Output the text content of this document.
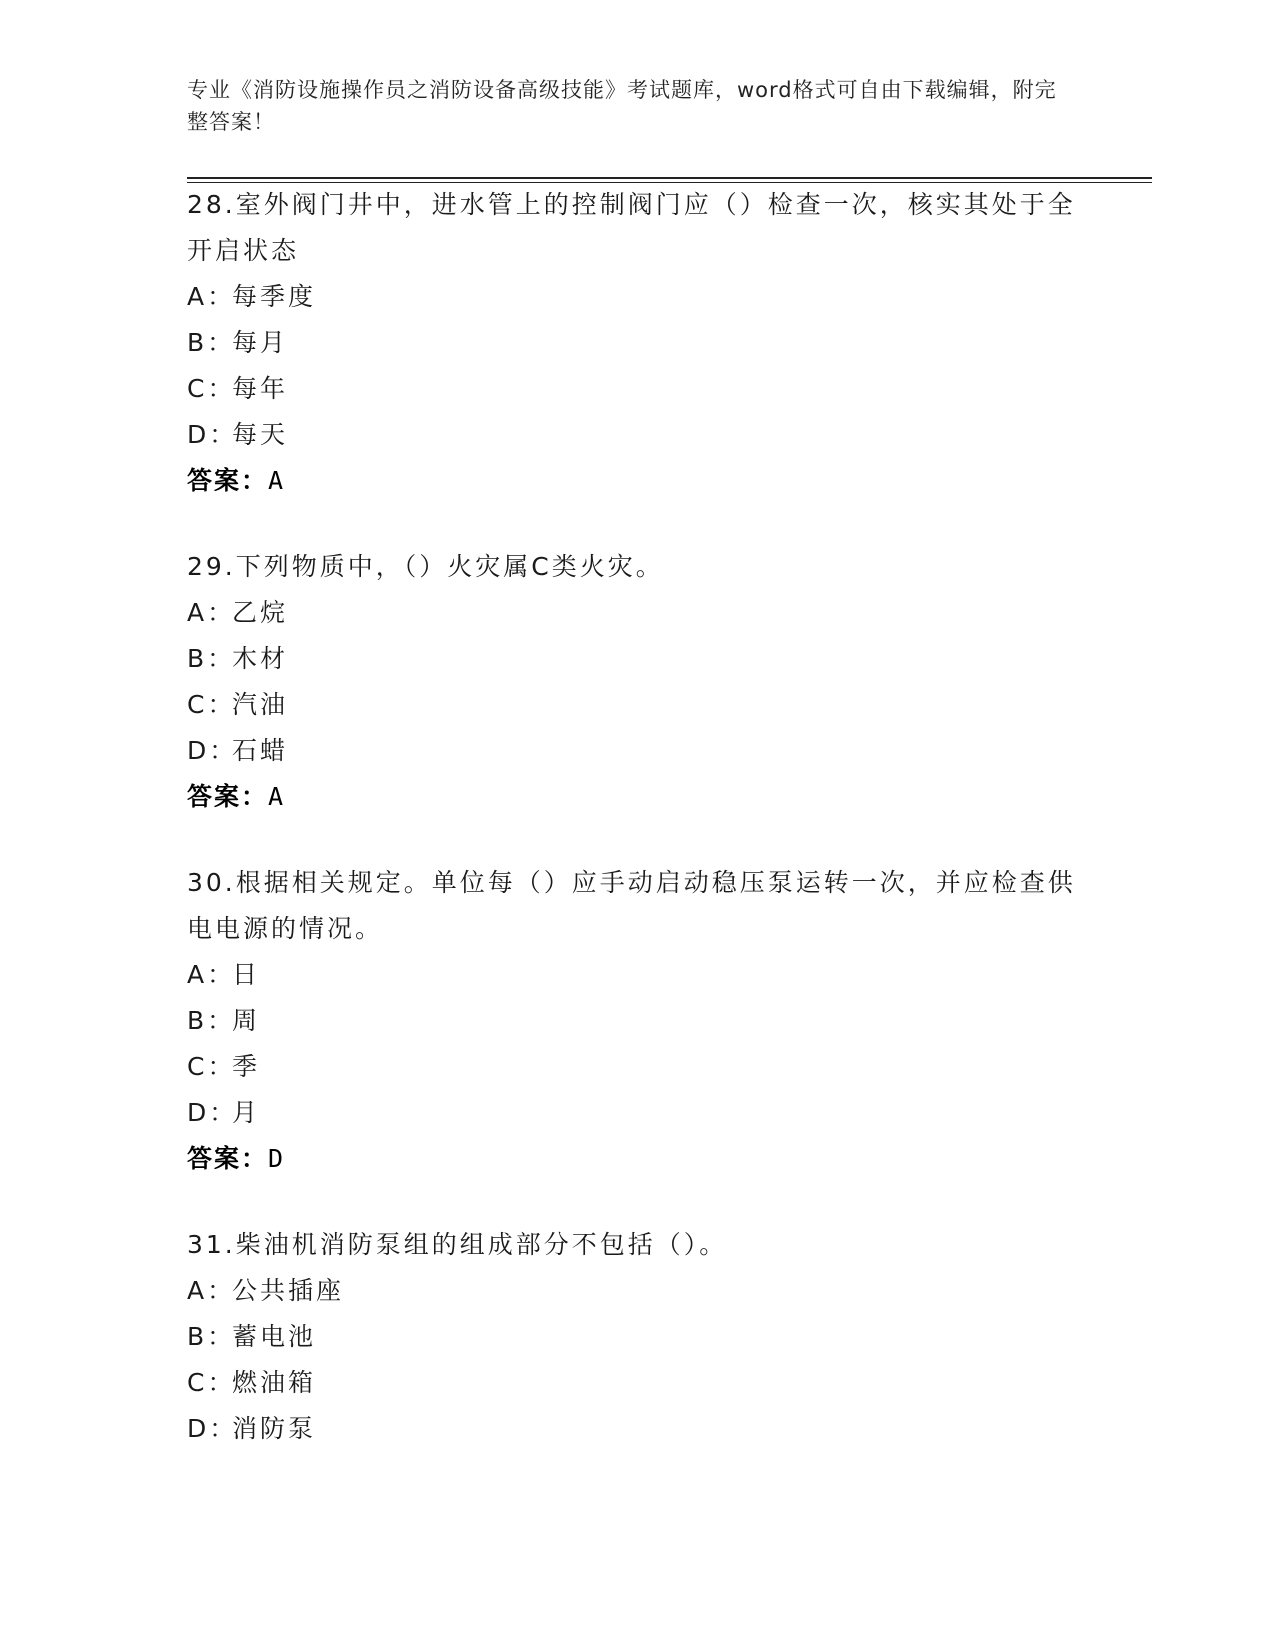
专业《消防设施操作员之消防设备高级技能》考试题库，word格式可自由下载编辑，附完整答案！

28.室外阀门井中，进水管上的控制阀门应（）检查一次，核实其处于全开启状态

A：每季度
B：每月
C：每年
D：每天
答案：A

29.下列物质中，（）火灾属C类火灾。

A：乙烷
B：木材
C：汽油
D：石蜡
答案：A

30.根据相关规定。单位每（）应手动启动稳压泵运转一次，并应检查供电电源的情况。

A：日
B：周
C：季
D：月
答案：D

31.柴油机消防泵组的组成部分不包括（）。

A：公共插座
B：蓄电池
C：燃油箱
D：消防泵
